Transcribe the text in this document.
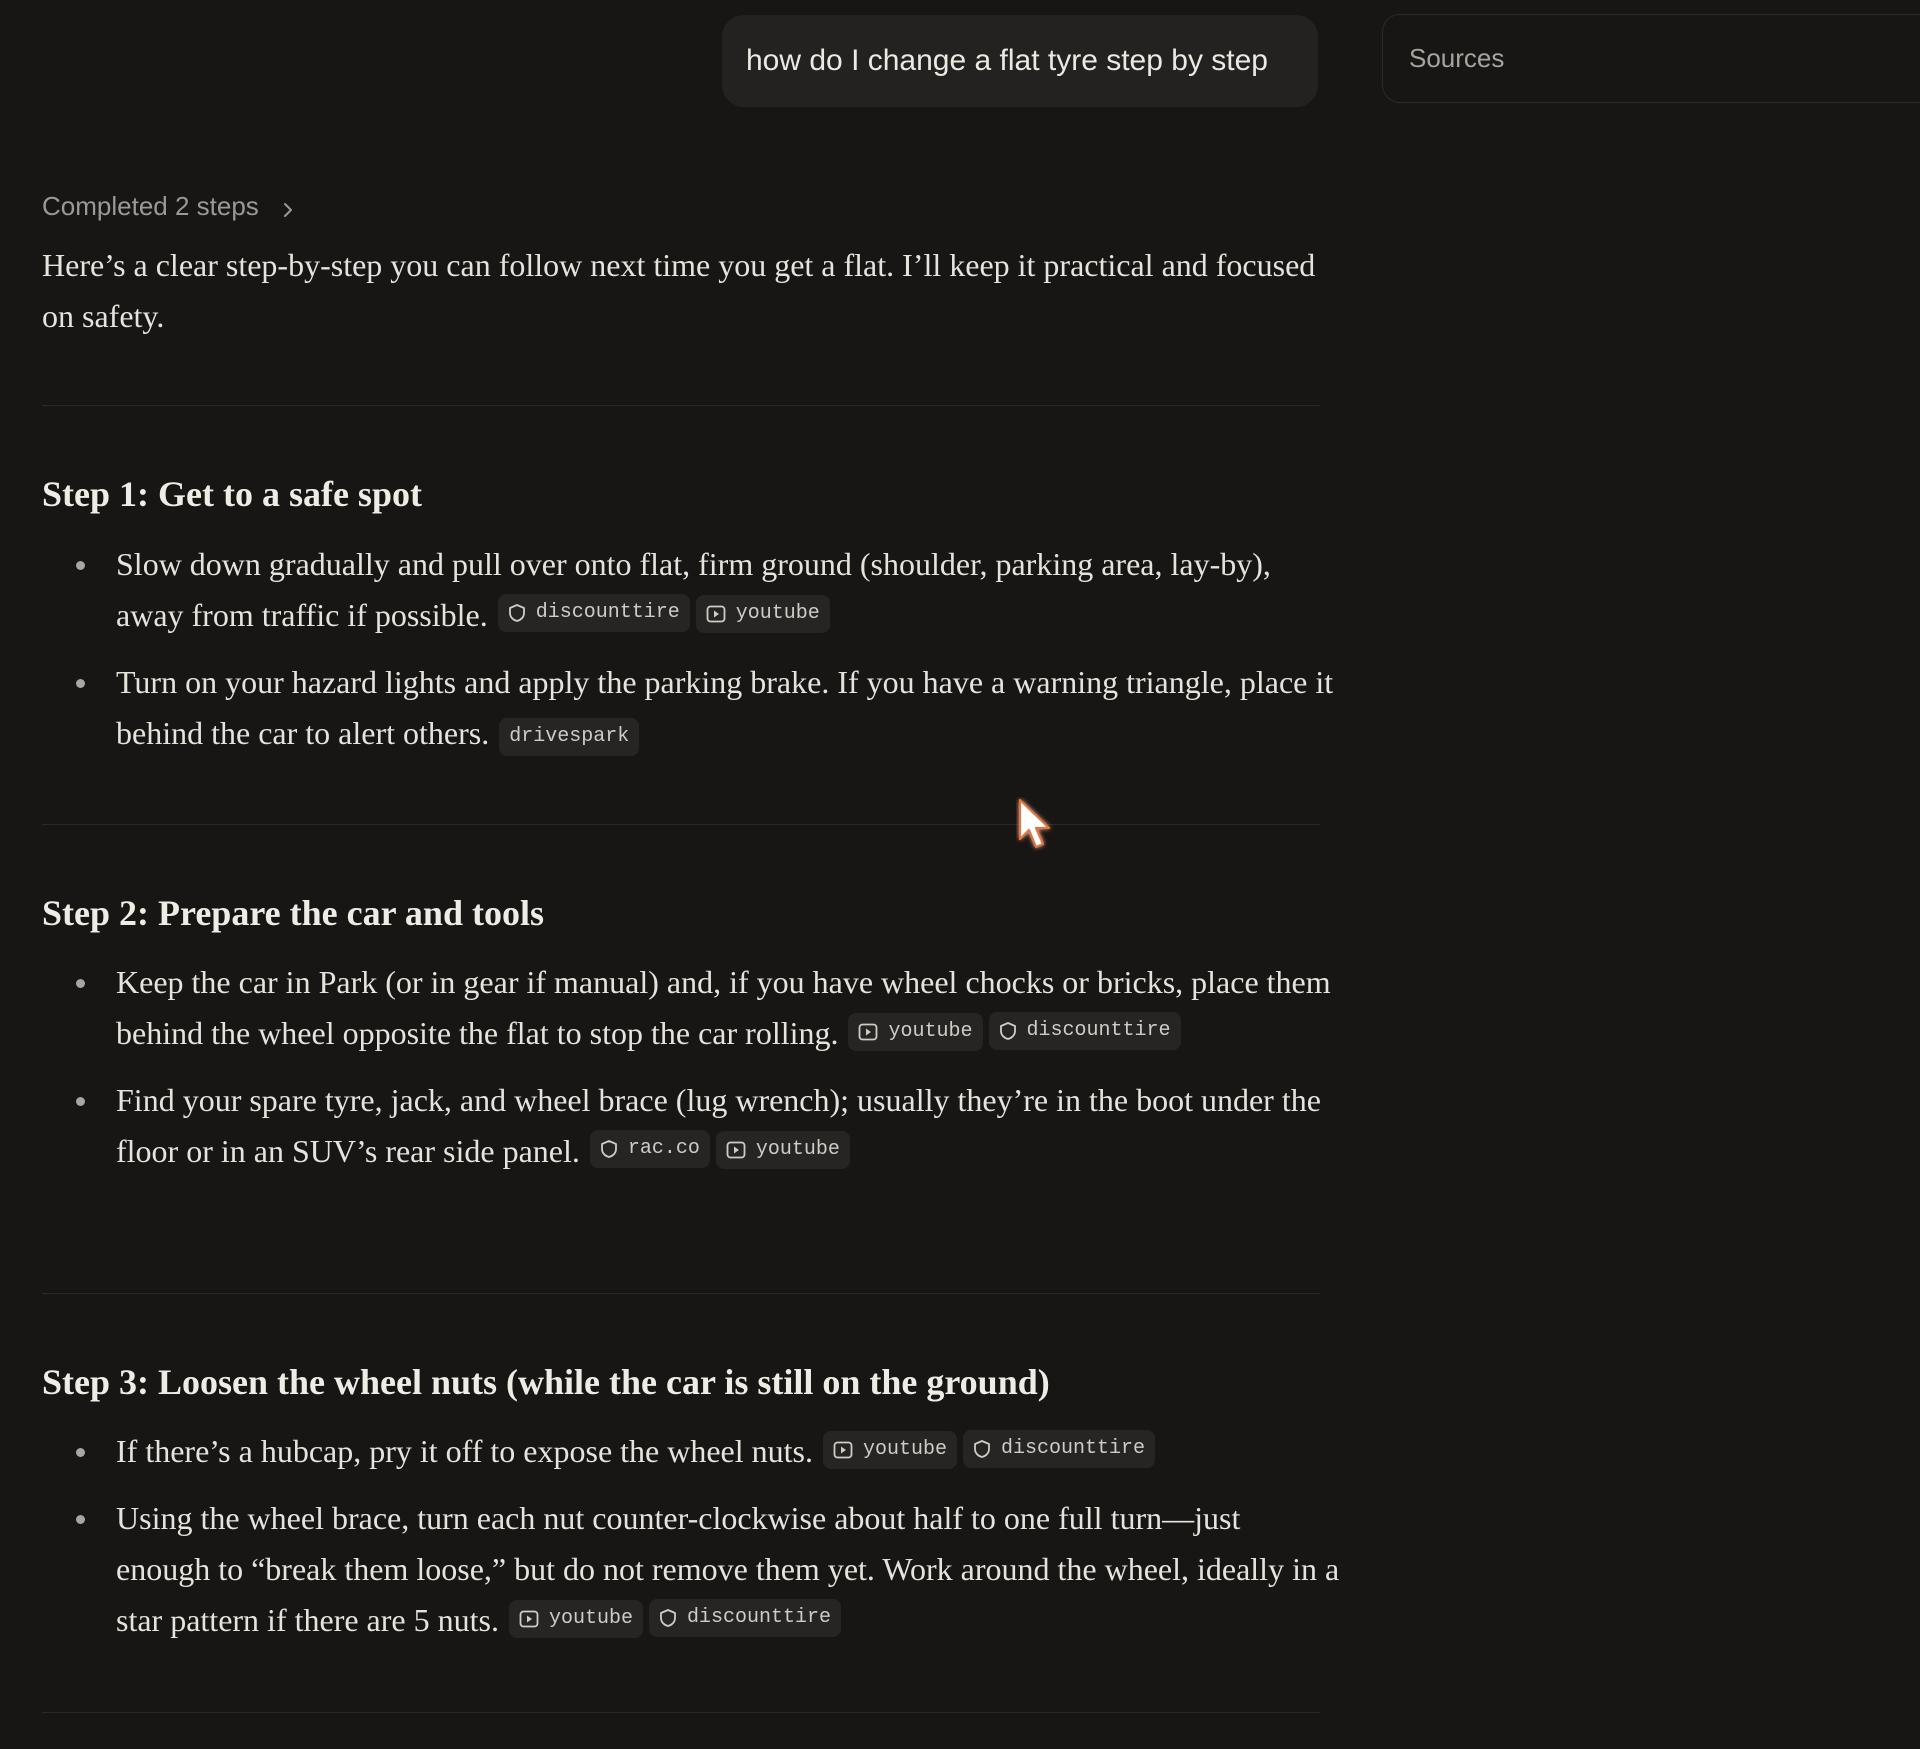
how do I change a flat tyre step by step	Sources
Completed 2 steps

Here’s a clear step-by-step you can follow next time you get a flat. I’ll keep it practical and focused on safety.

Step 1: Get to a safe spot
Slow down gradually and pull over onto flat, firm ground (shoulder, parking area, lay-by), away from traffic if possible. discounttire	youtube
Turn on your hazard lights and apply the parking brake. If you have a warning triangle, place it behind the car to alert others. drivespark
Step 2: Prepare the car and tools
Keep the car in Park (or in gear if manual) and, if you have wheel chocks or bricks, place them behind the wheel opposite the flat to stop the car rolling.	youtube	discounttire
Find your spare tyre, jack, and wheel brace (lug wrench); usually they’re in the boot under the floor or in an SUV’s rear side panel. rac.co	youtube
Step 3: Loosen the wheel nuts (while the car is still on the ground)
If there’s a hubcap, pry it off to expose the wheel nuts.	youtube	discounttire
Using the wheel brace, turn each nut counter-clockwise about half to one full turn—just enough to “break them loose,” but do not remove them yet. Work around the wheel, ideally in a star pattern if there are 5 nuts.	youtube	discounttire
